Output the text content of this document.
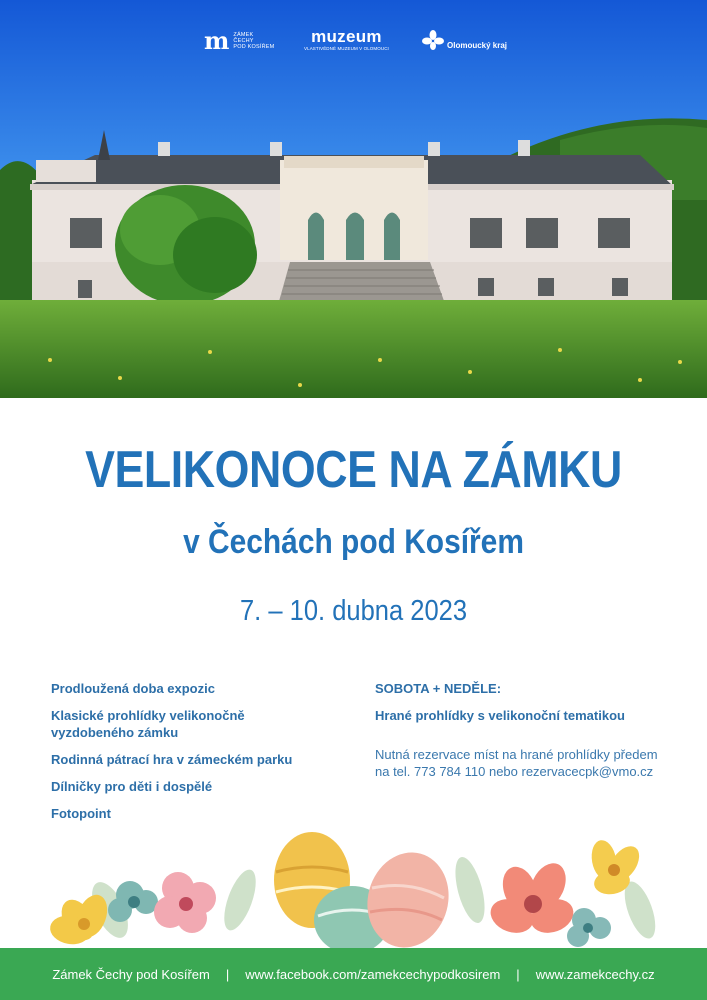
m ZÁMEK
ČECHY
POD KOSÍŘEM
muzeum
VLASTIVĚDNÉ MUZEUM V OLOMOUCI	Olomoucký kraj
VELIKONOCE NA ZÁMKU
v Čechách pod Kosířem
7. – 10. dubna 2023
Prodloužená doba expozic
Klasické prohlídky velikonočně vyzdobeného zámku
Rodinná pátrací hra v zámeckém parku
Dílničky pro děti i dospělé
Fotopoint
SOBOTA + NEDĚLE:
Hrané prohlídky s velikonoční tematikou
Nutná rezervace míst na hrané prohlídky předem na tel. 773 784 110 nebo rezervacecpk@vmo.cz
Zámek Čechy pod Kosířem | www.facebook.com/zamekcechypodkosirem | www.zamekcechy.cz
